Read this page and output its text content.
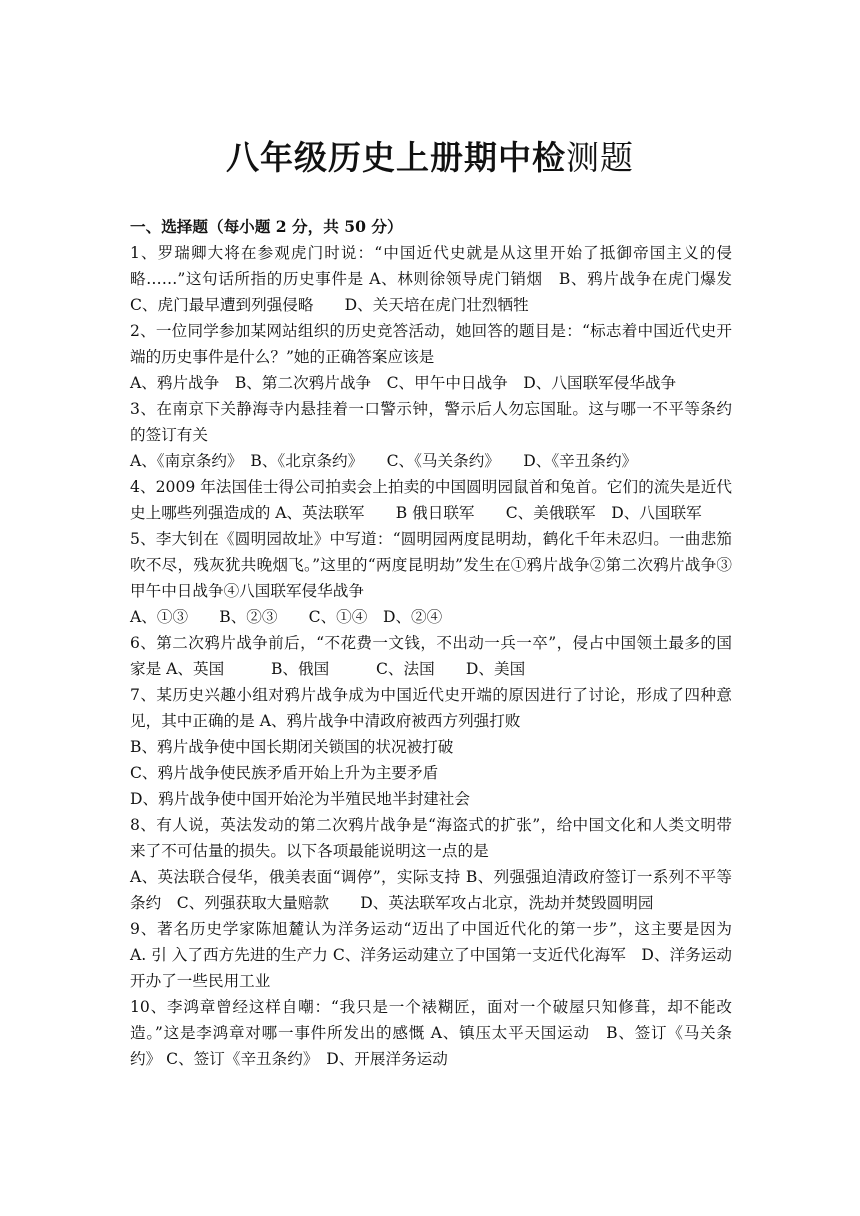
八年级历史上册期中检测题

一、选择题（每小题 2 分，共 50 分）

1、罗瑞卿大将在参观虎门时说：“中国近代史就是从这里开始了抵御帝国主义的侵略……”这句话所指的历史事件是 A、林则徐领导虎门销烟　B、鸦片战争在虎门爆发 C、虎门最早遭到列强侵略　　D、关天培在虎门壮烈牺牲

2、一位同学参加某网站组织的历史竞答活动，她回答的题目是：“标志着中国近代史开端的历史事件是什么？”她的正确答案应该是

A、鸦片战争　B、第二次鸦片战争　C、甲午中日战争　D、八国联军侵华战争

3、在南京下关静海寺内悬挂着一口警示钟，警示后人勿忘国耻。这与哪一不平等条约的签订有关

A、《南京条约》　B、《北京条约》　　C、《马关条约》　　D、《辛丑条约》

4、2009 年法国佳士得公司拍卖会上拍卖的中国圆明园鼠首和兔首。它们的流失是近代史上哪些列强造成的 A、英法联军　　B 俄日联军　　C、美俄联军　D、八国联军

5、李大钊在《圆明园故址》中写道：“圆明园两度昆明劫，鹤化千年未忍归。一曲悲笳吹不尽，残灰犹共晚烟飞。”这里的“两度昆明劫”发生在①鸦片战争②第二次鸦片战争③甲午中日战争④八国联军侵华战争

A、①③　　B、②③　　C、①④　D、②④

6、第二次鸦片战争前后，“不花费一文钱，不出动一兵一卒”，侵占中国领土最多的国家是 A、英国　　　B、俄国　　　C、法国　　D、美国

7、某历史兴趣小组对鸦片战争成为中国近代史开端的原因进行了讨论，形成了四种意见，其中正确的是 A、鸦片战争中清政府被西方列强打败

B、鸦片战争使中国长期闭关锁国的状况被打破

C、鸦片战争使民族矛盾开始上升为主要矛盾

D、鸦片战争使中国开始沦为半殖民地半封建社会

8、有人说，英法发动的第二次鸦片战争是“海盗式的扩张”，给中国文化和人类文明带来了不可估量的损失。以下各项最能说明这一点的是

A、英法联合侵华，俄美表面“调停”，实际支持 B、列强强迫清政府签订一系列不平等条约　C、列强获取大量赔款　　D、英法联军攻占北京，洗劫并焚毁圆明园

9、著名历史学家陈旭麓认为洋务运动“迈出了中国近代化的第一步”，这主要是因为　A. 引 入了西方先进的生产力 C、洋务运动建立了中国第一支近代化海军　D、洋务运动开办了一些民用工业

10、李鸿章曾经这样自嘲：“我只是一个裱糊匠，面对一个破屋只知修葺，却不能改造。”这是李鸿章对哪一事件所发出的感慨 A、镇压太平天国运动　B、签订《马关条约》 C、签订《辛丑条约》　D、开展洋务运动
